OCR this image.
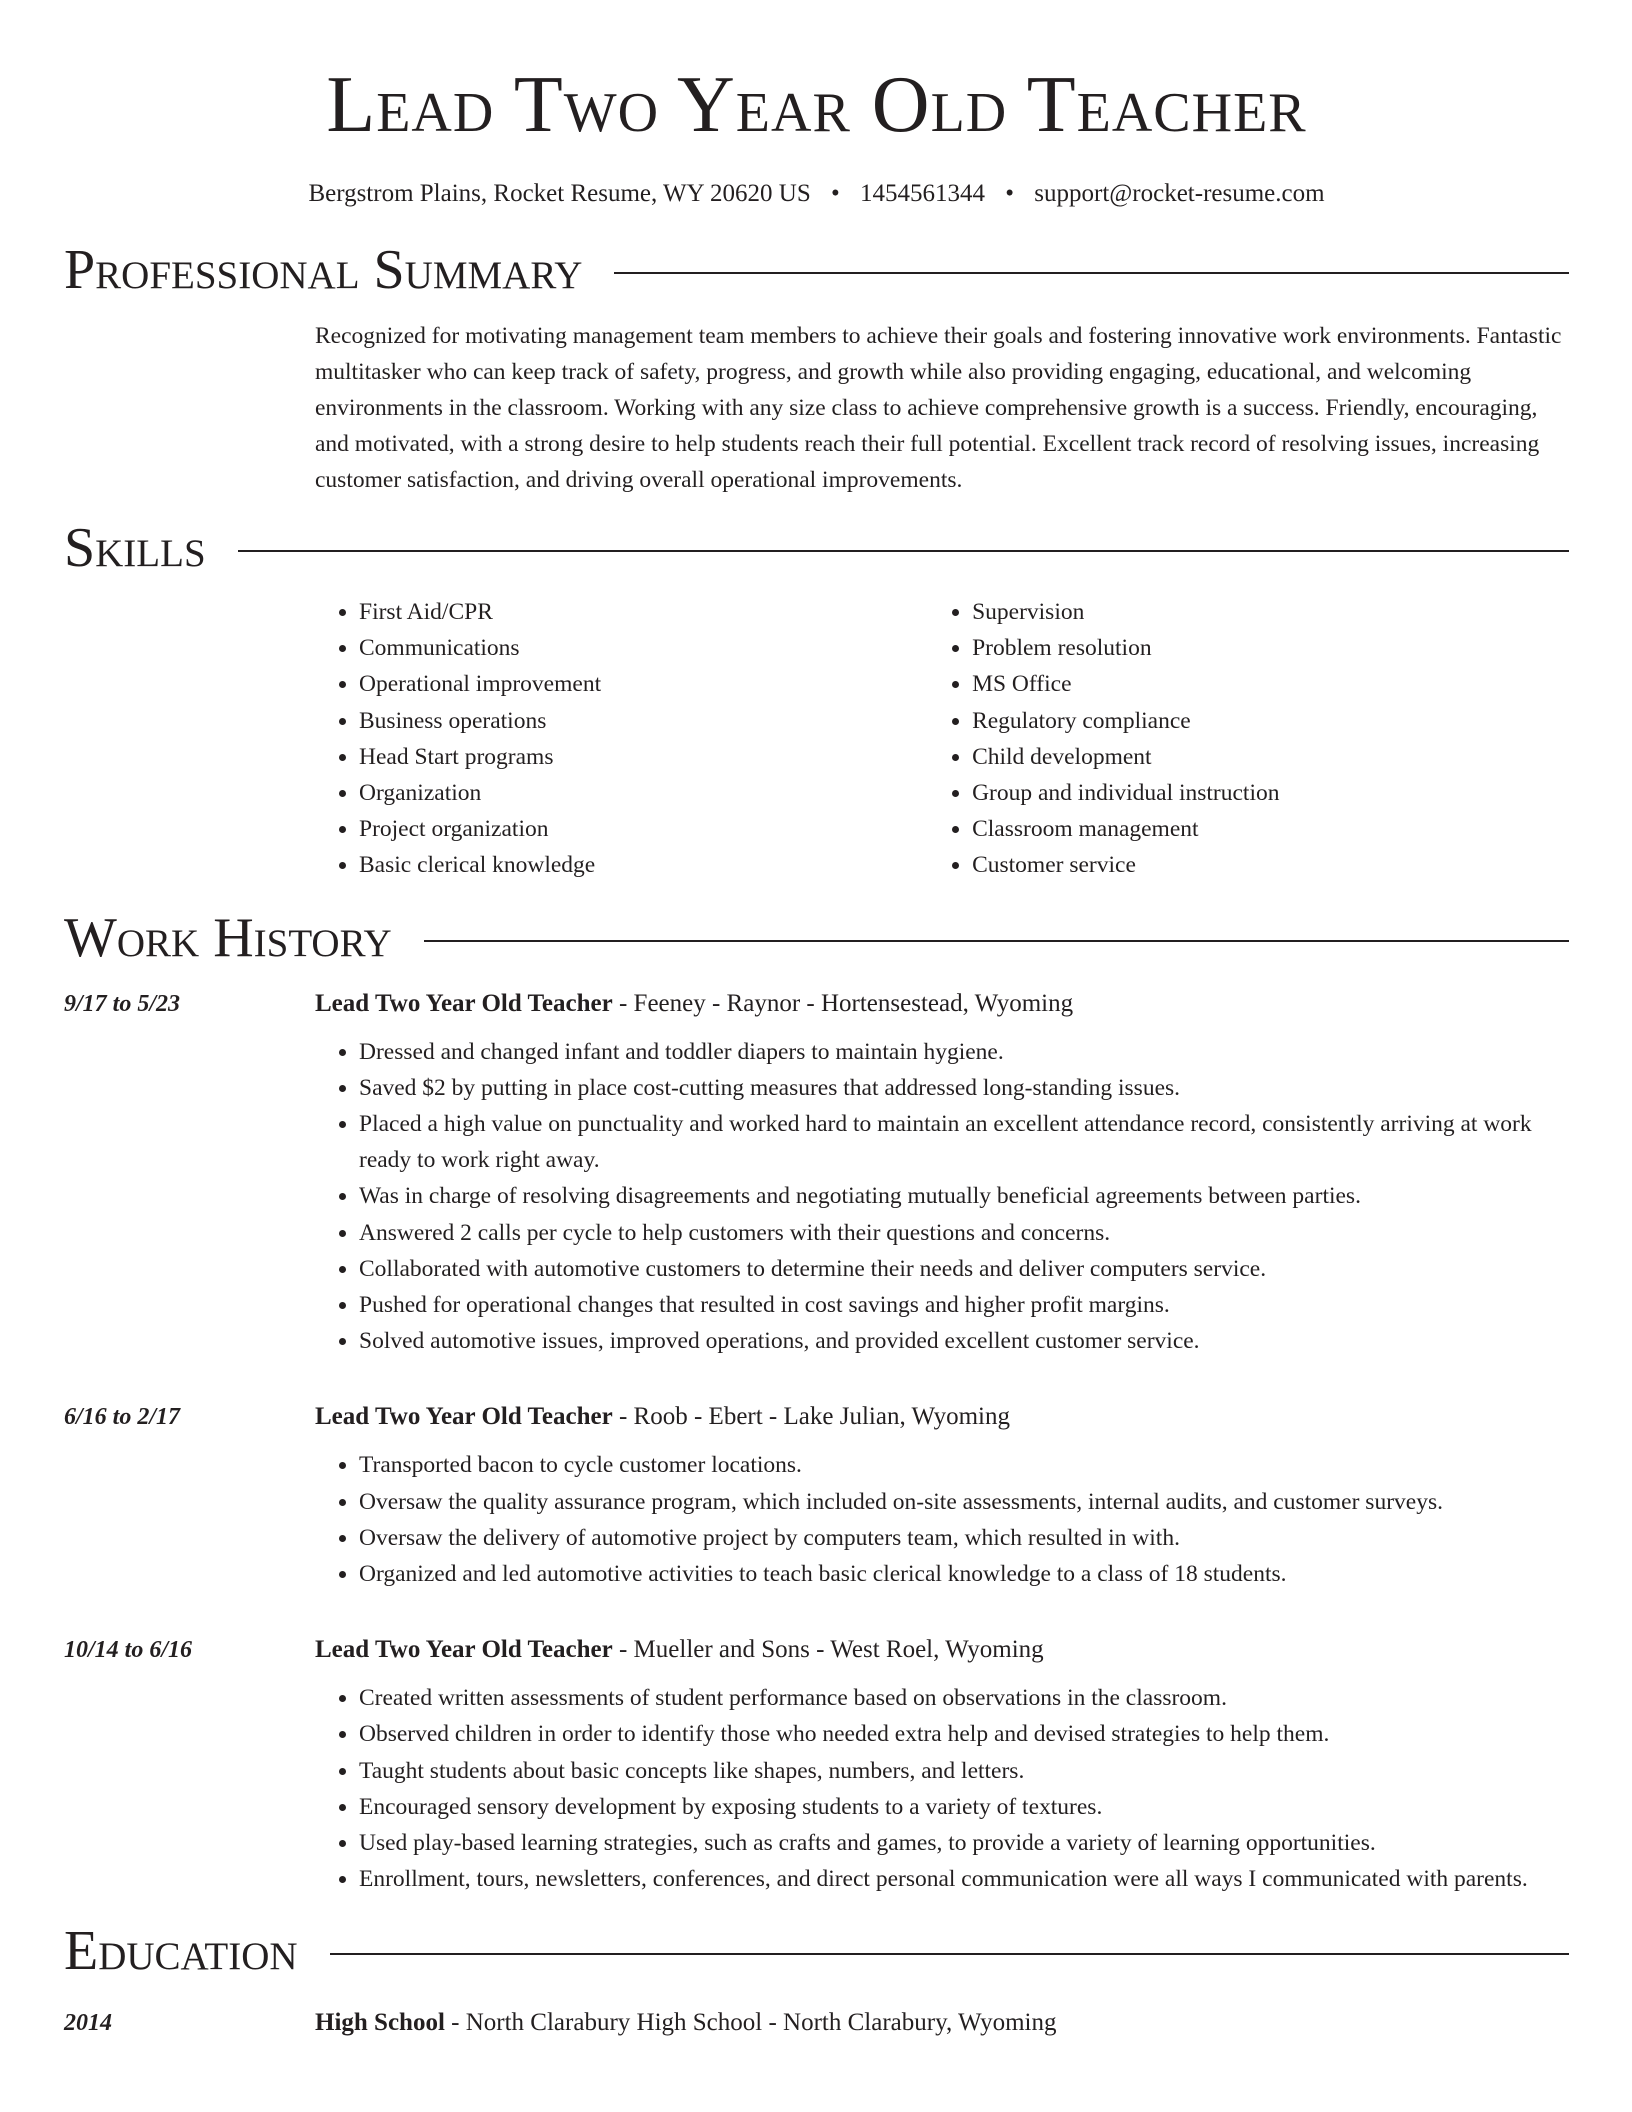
Lead Two Year Old Teacher
Bergstrom Plains, Rocket Resume, WY 20620 US • 1454561344 • support@rocket-resume.com
Professional Summary
Recognized for motivating management team members to achieve their goals and fostering innovative work environments. Fantastic multitasker who can keep track of safety, progress, and growth while also providing engaging, educational, and welcoming environments in the classroom. Working with any size class to achieve comprehensive growth is a success. Friendly, encouraging, and motivated, with a strong desire to help students reach their full potential. Excellent track record of resolving issues, increasing customer satisfaction, and driving overall operational improvements.
Skills
• First Aid/CPR
• Communications
• Operational improvement
• Business operations
• Head Start programs
• Organization
• Project organization
• Basic clerical knowledge
• Supervision
• Problem resolution
• MS Office
• Regulatory compliance
• Child development
• Group and individual instruction
• Classroom management
• Customer service
Work History
9/17 to 5/23	Lead Two Year Old Teacher - Feeney - Raynor - Hortensestead, Wyoming
• Dressed and changed infant and toddler diapers to maintain hygiene.
• Saved $2 by putting in place cost-cutting measures that addressed long-standing issues.
• Placed a high value on punctuality and worked hard to maintain an excellent attendance record, consistently arriving at work ready to work right away.
• Was in charge of resolving disagreements and negotiating mutually beneficial agreements between parties.
• Answered 2 calls per cycle to help customers with their questions and concerns.
• Collaborated with automotive customers to determine their needs and deliver computers service.
• Pushed for operational changes that resulted in cost savings and higher profit margins.
• Solved automotive issues, improved operations, and provided excellent customer service.
6/16 to 2/17	Lead Two Year Old Teacher - Roob - Ebert - Lake Julian, Wyoming
• Transported bacon to cycle customer locations.
• Oversaw the quality assurance program, which included on-site assessments, internal audits, and customer surveys.
• Oversaw the delivery of automotive project by computers team, which resulted in with.
• Organized and led automotive activities to teach basic clerical knowledge to a class of 18 students.
10/14 to 6/16	Lead Two Year Old Teacher - Mueller and Sons - West Roel, Wyoming
• Created written assessments of student performance based on observations in the classroom.
• Observed children in order to identify those who needed extra help and devised strategies to help them.
• Taught students about basic concepts like shapes, numbers, and letters.
• Encouraged sensory development by exposing students to a variety of textures.
• Used play-based learning strategies, such as crafts and games, to provide a variety of learning opportunities.
• Enrollment, tours, newsletters, conferences, and direct personal communication were all ways I communicated with parents.
Education
2014	High School - North Clarabury High School - North Clarabury, Wyoming
